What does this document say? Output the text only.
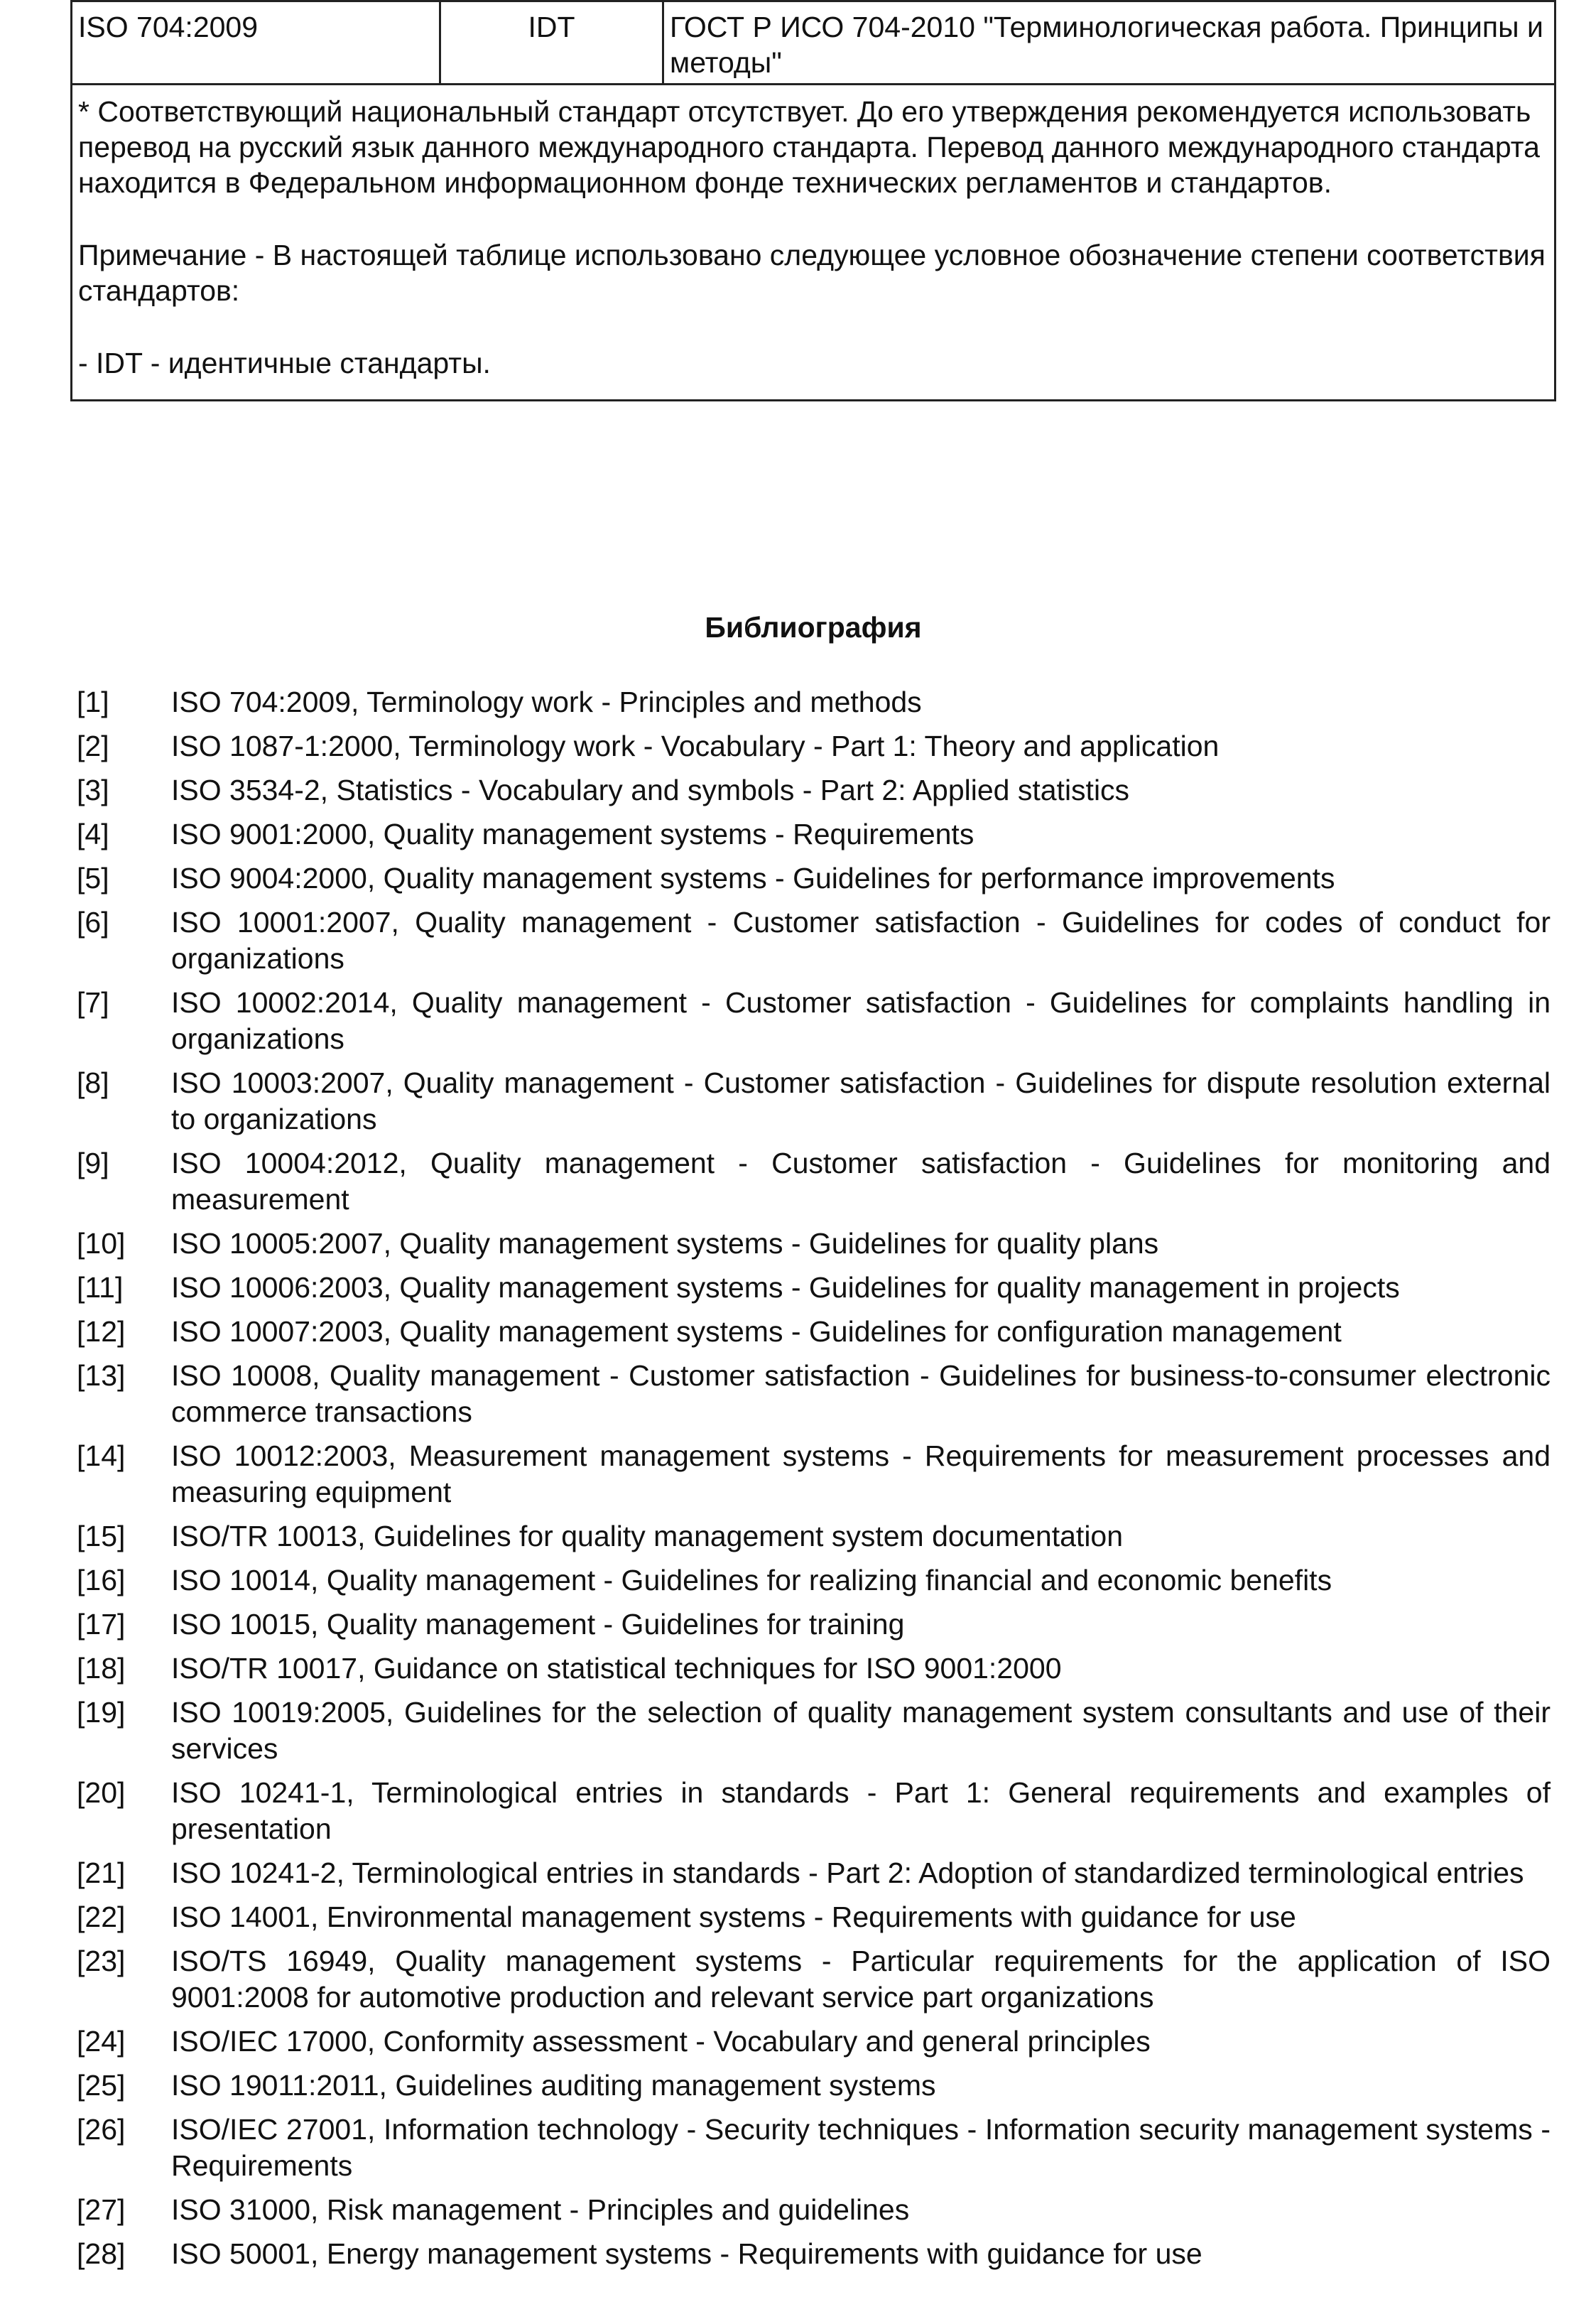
ISO 704:2009	IDT	ГОСТ Р ИСО 704-2010 "Терминологическая работа. Принципы и методы"

* Соответствующий национальный стандарт отсутствует. До его утверждения рекомендуется использовать перевод на русский язык данного международного стандарта. Перевод данного международного стандарта находится в Федеральном информационном фонде технических регламентов и стандартов.

Примечание - В настоящей таблице использовано следующее условное обозначение степени соответствия стандартов:

- IDT - идентичные стандарты.

Библиография
[1]	ISO 704:2009, Terminology work - Principles and methods
[2]	ISO 1087-1:2000, Terminology work - Vocabulary - Part 1: Theory and application
[3]	ISO 3534-2, Statistics - Vocabulary and symbols - Part 2: Applied statistics
[4]	ISO 9001:2000, Quality management systems - Requirements
[5]	ISO 9004:2000, Quality management systems - Guidelines for performance improvements
[6]	ISO 10001:2007, Quality management - Customer satisfaction - Guidelines for codes of conduct for organizations
[7]	ISO 10002:2014, Quality management - Customer satisfaction - Guidelines for complaints handling in organizations
[8]	ISO 10003:2007, Quality management - Customer satisfaction - Guidelines for dispute resolution external to organizations
[9]	ISO 10004:2012, Quality management - Customer satisfaction - Guidelines for monitoring and measurement
[10]	ISO 10005:2007, Quality management systems - Guidelines for quality plans
[11]	ISO 10006:2003, Quality management systems - Guidelines for quality management in projects
[12]	ISO 10007:2003, Quality management systems - Guidelines for configuration management
[13]	ISO 10008, Quality management - Customer satisfaction - Guidelines for business-to-consumer electronic commerce transactions
[14]	ISO 10012:2003, Measurement management systems - Requirements for measurement processes and measuring equipment
[15]	ISO/TR 10013, Guidelines for quality management system documentation
[16]	ISO 10014, Quality management - Guidelines for realizing financial and economic benefits
[17]	ISO 10015, Quality management - Guidelines for training
[18]	ISO/TR 10017, Guidance on statistical techniques for ISO 9001:2000
[19]	ISO 10019:2005, Guidelines for the selection of quality management system consultants and use of their services
[20]	ISO 10241-1, Terminological entries in standards - Part 1: General requirements and examples of presentation
[21]	ISO 10241-2, Terminological entries in standards - Part 2: Adoption of standardized terminological entries
[22]	ISO 14001, Environmental management systems - Requirements with guidance for use
[23]	ISO/TS 16949, Quality management systems - Particular requirements for the application of ISO 9001:2008 for automotive production and relevant service part organizations
[24]	ISO/IEC 17000, Conformity assessment - Vocabulary and general principles
[25]	ISO 19011:2011, Guidelines auditing management systems
[26]	ISO/IEC 27001, Information technology - Security techniques - Information security management systems - Requirements
[27]	ISO 31000, Risk management - Principles and guidelines
[28]	ISO 50001, Energy management systems - Requirements with guidance for use
